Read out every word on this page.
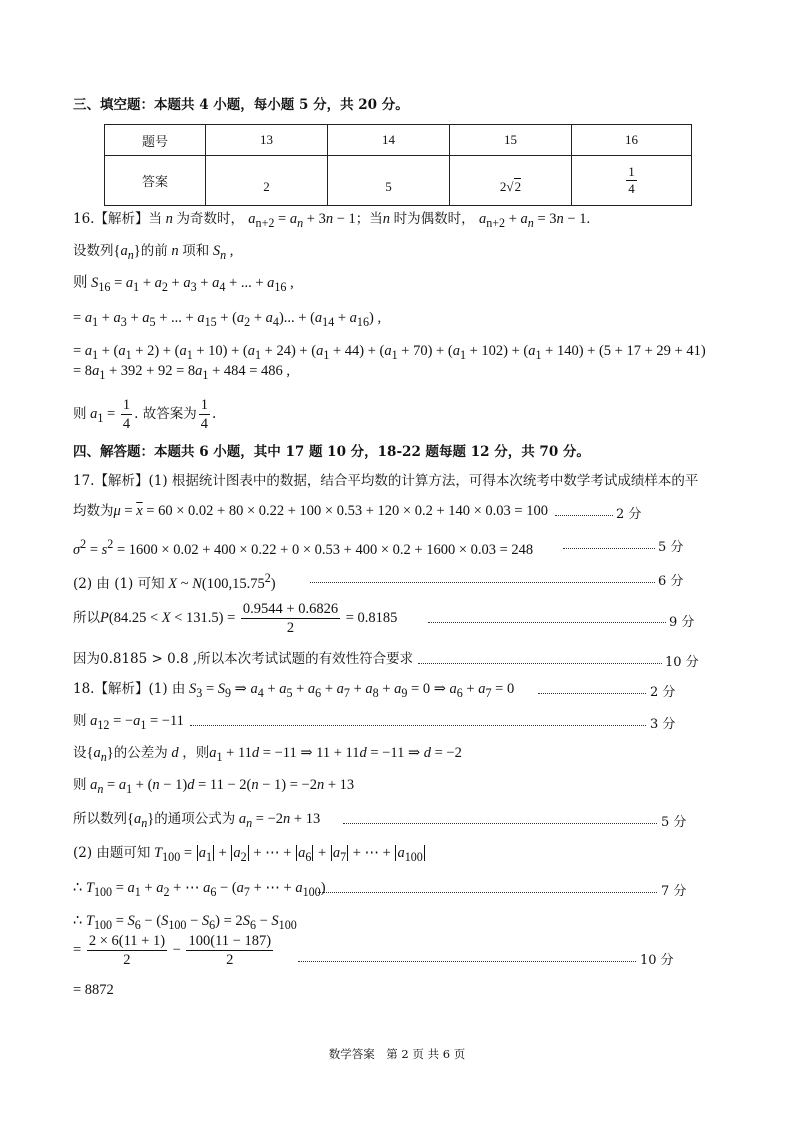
三、填空题：本题共 4 小题，每小题 5 分，共 20 分。
题号	13	14	15	16
答案	2	5	2√2	$\frac{1}{4}$
16.【解析】当 n 为奇数时， $a_{n+2} = a_n + 3n - 1$；当n 时为偶数时， $a_{n+2} + a_n = 3n - 1$.
设数列$\{a_n\}$的前 n 项和 $S_n$ ,
则 $S_{16} = a_1 + a_2 + a_3 + a_4$ + ... + $a_{16}$ ,
= $a_1 + a_3 + a_5$ + ... + $a_{15} + (a_2 + a_4)$... + $(a_{14} + a_{16})$ ,
= $a_1 + (a_1 + 2) + (a_1 + 10) + (a_1 + 24) + (a_1 + 44) + (a_1 + 70) + (a_1 + 102) + (a_1 + 140) + (5 + 17 + 29 + 41)$
= $8a_1 + 392 + 92 = 8a_1 + 484 = 486$ ,
则 $a_1 = \frac{1}{4}$ . 故答案为 $\frac{1}{4}$ .
四、解答题：本题共 6 小题，其中 17 题 10 分，18-22 题每题 12 分，共 70 分。
17.【解析】(1) 根据统计图表中的数据，结合平均数的计算方法，可得本次统考中数学考试成绩样本的平
均数为$\mu = \overline{x} = 60 \times 0.02 + 80 \times 0.22 + 100 \times 0.53 + 120 \times 0.2 + 140 \times 0.03 = 100$	2 分
$\sigma^2 = s^2 = 1600 \times 0.02 + 400 \times 0.22 + 0 \times 0.53 + 400 \times 0.2 + 1600 \times 0.03 = 248$	5 分
(2) 由 (1) 可知 X ~ N(100,15.75$^2$)	6 分
所以$P(84.25 < X < 131.5) = \frac{0.9544 + 0.6826}{2} = 0.8185$	9 分
因为0.8185 > 0.8 ,所以本次考试试题的有效性符合要求	10 分
18.【解析】(1) 由 $S_3 = S_9$ ⇒ $a_4 + a_5 + a_6 + a_7 + a_8 + a_9 = 0$ ⇒ $a_6 + a_7 = 0$	2 分
则 $a_{12} = -a_1 = -11$	3 分
设$\{a_n\}$的公差为 d ，则$a_1 + 11d = -11$ ⇒ 11 + 11d = −11 ⇒ d = −2
则 $a_n = a_1 + (n - 1)d = 11 - 2(n - 1) = -2n + 13$
所以数列$\{a_n\}$的通项公式为 $a_n = -2n + 13$	5 分
(2) 由题可知 $T_{100} = a_1 + a_2$ + ⋯ + $a_6 + a_7$ + ⋯ + $a_{100}$
∴ $T_{100} = a_1 + a_2$ + ⋯ $a_6 - (a_7$ + ⋯ + $a_{100}$)	7 分
∴ $T_{100} = S_6 - (S_{100} - S_6) = 2S_6 - S_{100}$
= $\frac{2 \times 6(11 + 1)}{2} - \frac{100(11 - 187)}{2}$	10 分
= 8872
数学答案　第 2 页 共 6 页
